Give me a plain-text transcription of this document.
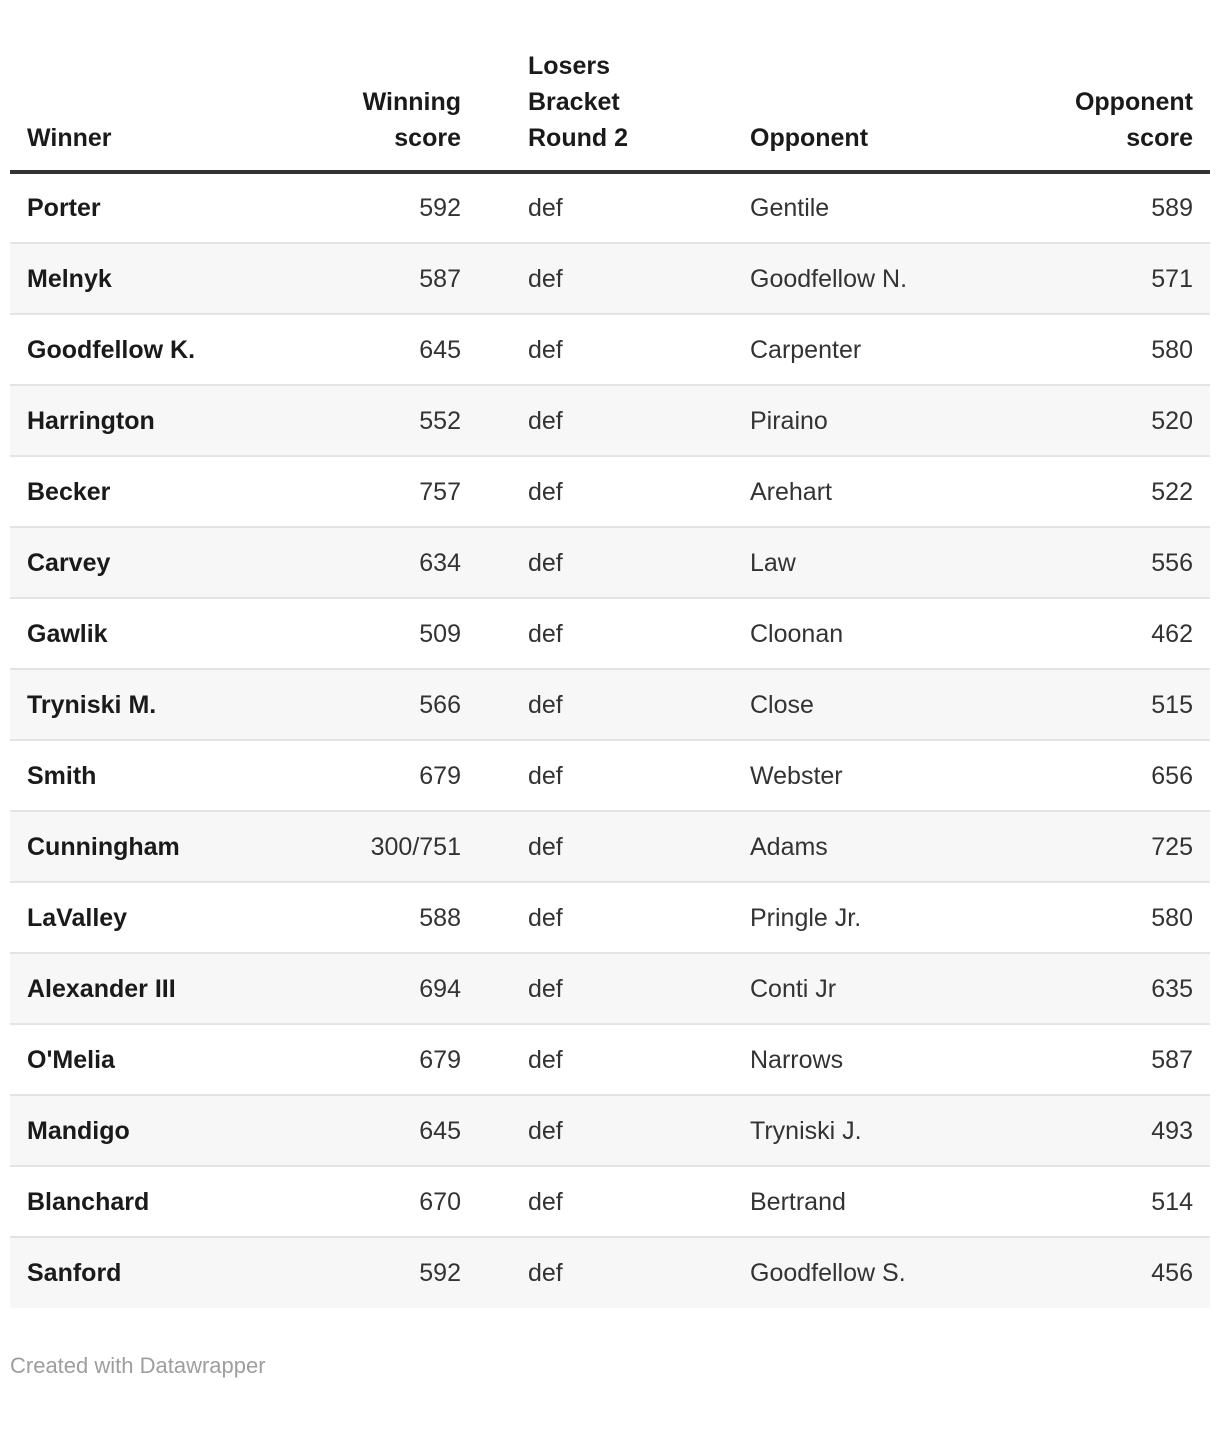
Winner	Winning score	Losers Bracket Round 2	Opponent	Opponent score
Porter	592	def	Gentile	589
Melnyk	587	def	Goodfellow N.	571
Goodfellow K.	645	def	Carpenter	580
Harrington	552	def	Piraino	520
Becker	757	def	Arehart	522
Carvey	634	def	Law	556
Gawlik	509	def	Cloonan	462
Tryniski M.	566	def	Close	515
Smith	679	def	Webster	656
Cunningham	300/751	def	Adams	725
LaValley	588	def	Pringle Jr.	580
Alexander III	694	def	Conti Jr	635
O'Melia	679	def	Narrows	587
Mandigo	645	def	Tryniski J.	493
Blanchard	670	def	Bertrand	514
Sanford	592	def	Goodfellow S.	456
Created with Datawrapper
